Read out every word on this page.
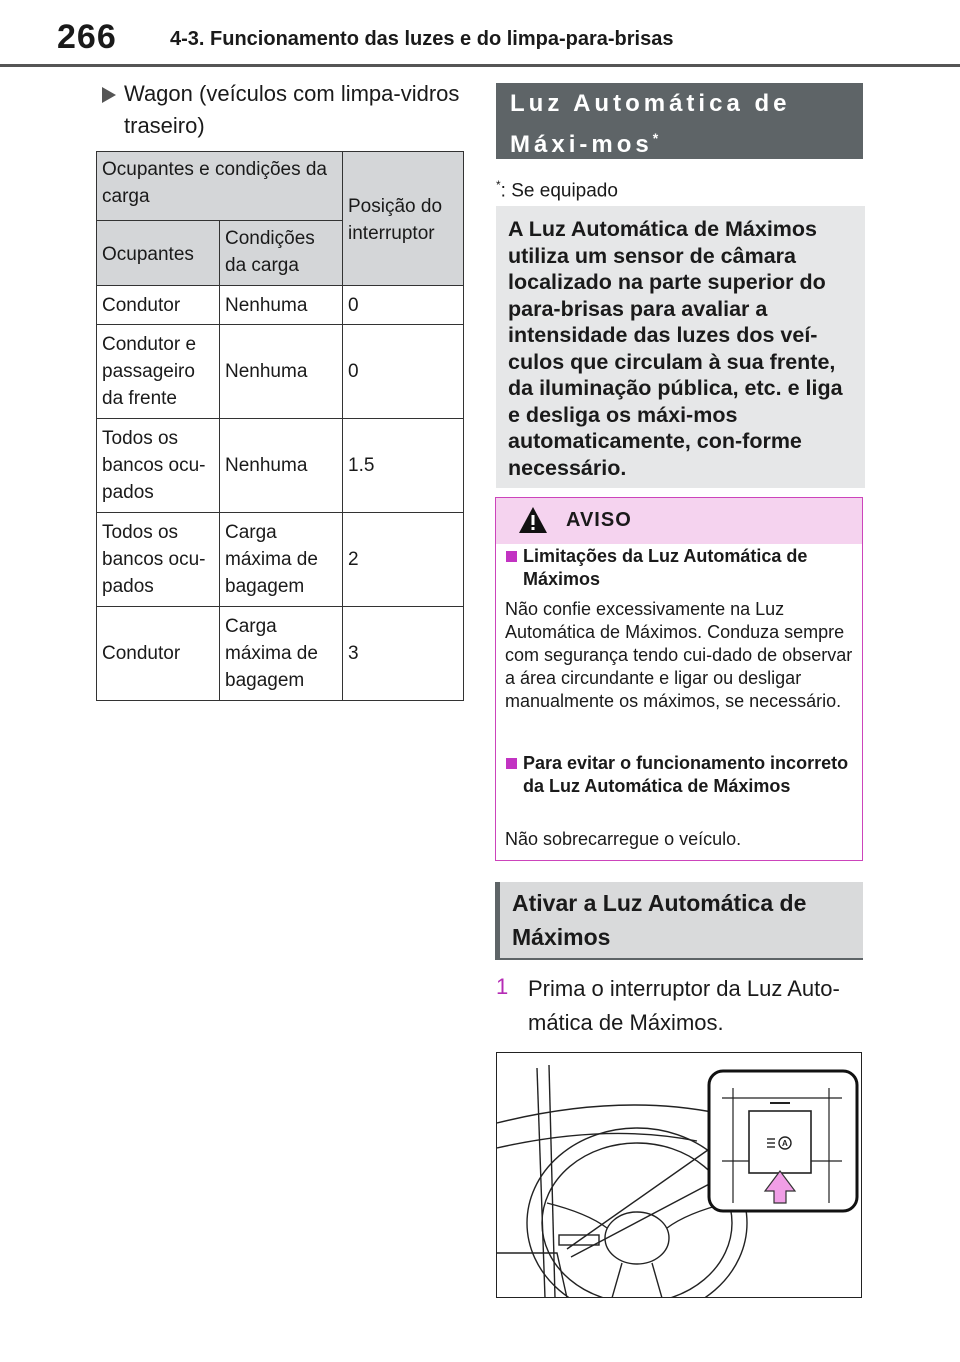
266	4-3. Funcionamento das luzes e do limpa-para-brisas
Wagon (veículos com limpa-vidros traseiro)
Ocupantes e condições da carga		Posição do interruptor
Ocupantes	Condições da carga	
Condutor	Nenhuma	0
Condutor e passageiro da frente	Nenhuma	0
Todos os bancos ocu-pados	Nenhuma	1.5
Todos os bancos ocu-pados	Carga máxima de bagagem	2
Condutor	Carga máxima de bagagem	3
Luz Automática de Máxi-mos*
*: Se equipado

A Luz Automática de Máximos utiliza um sensor de câmara localizado na parte superior do para-brisas para avaliar a intensidade das luzes dos veí-culos que circulam à sua frente, da iluminação pública, etc. e liga e desliga os máxi-mos automaticamente, con-forme necessário.

AVISO
Limitações da Luz Automática de Máximos
Não confie excessivamente na Luz Automática de Máximos. Conduza sempre com segurança tendo cui-dado de observar a área circundante e ligar ou desligar manualmente os máximos, se necessário.
Para evitar o funcionamento incorreto da Luz Automática de Máximos
Não sobrecarregue o veículo.
Ativar a Luz Automática de Máximos
1 Prima o interruptor da Luz Auto-mática de Máximos.
A
